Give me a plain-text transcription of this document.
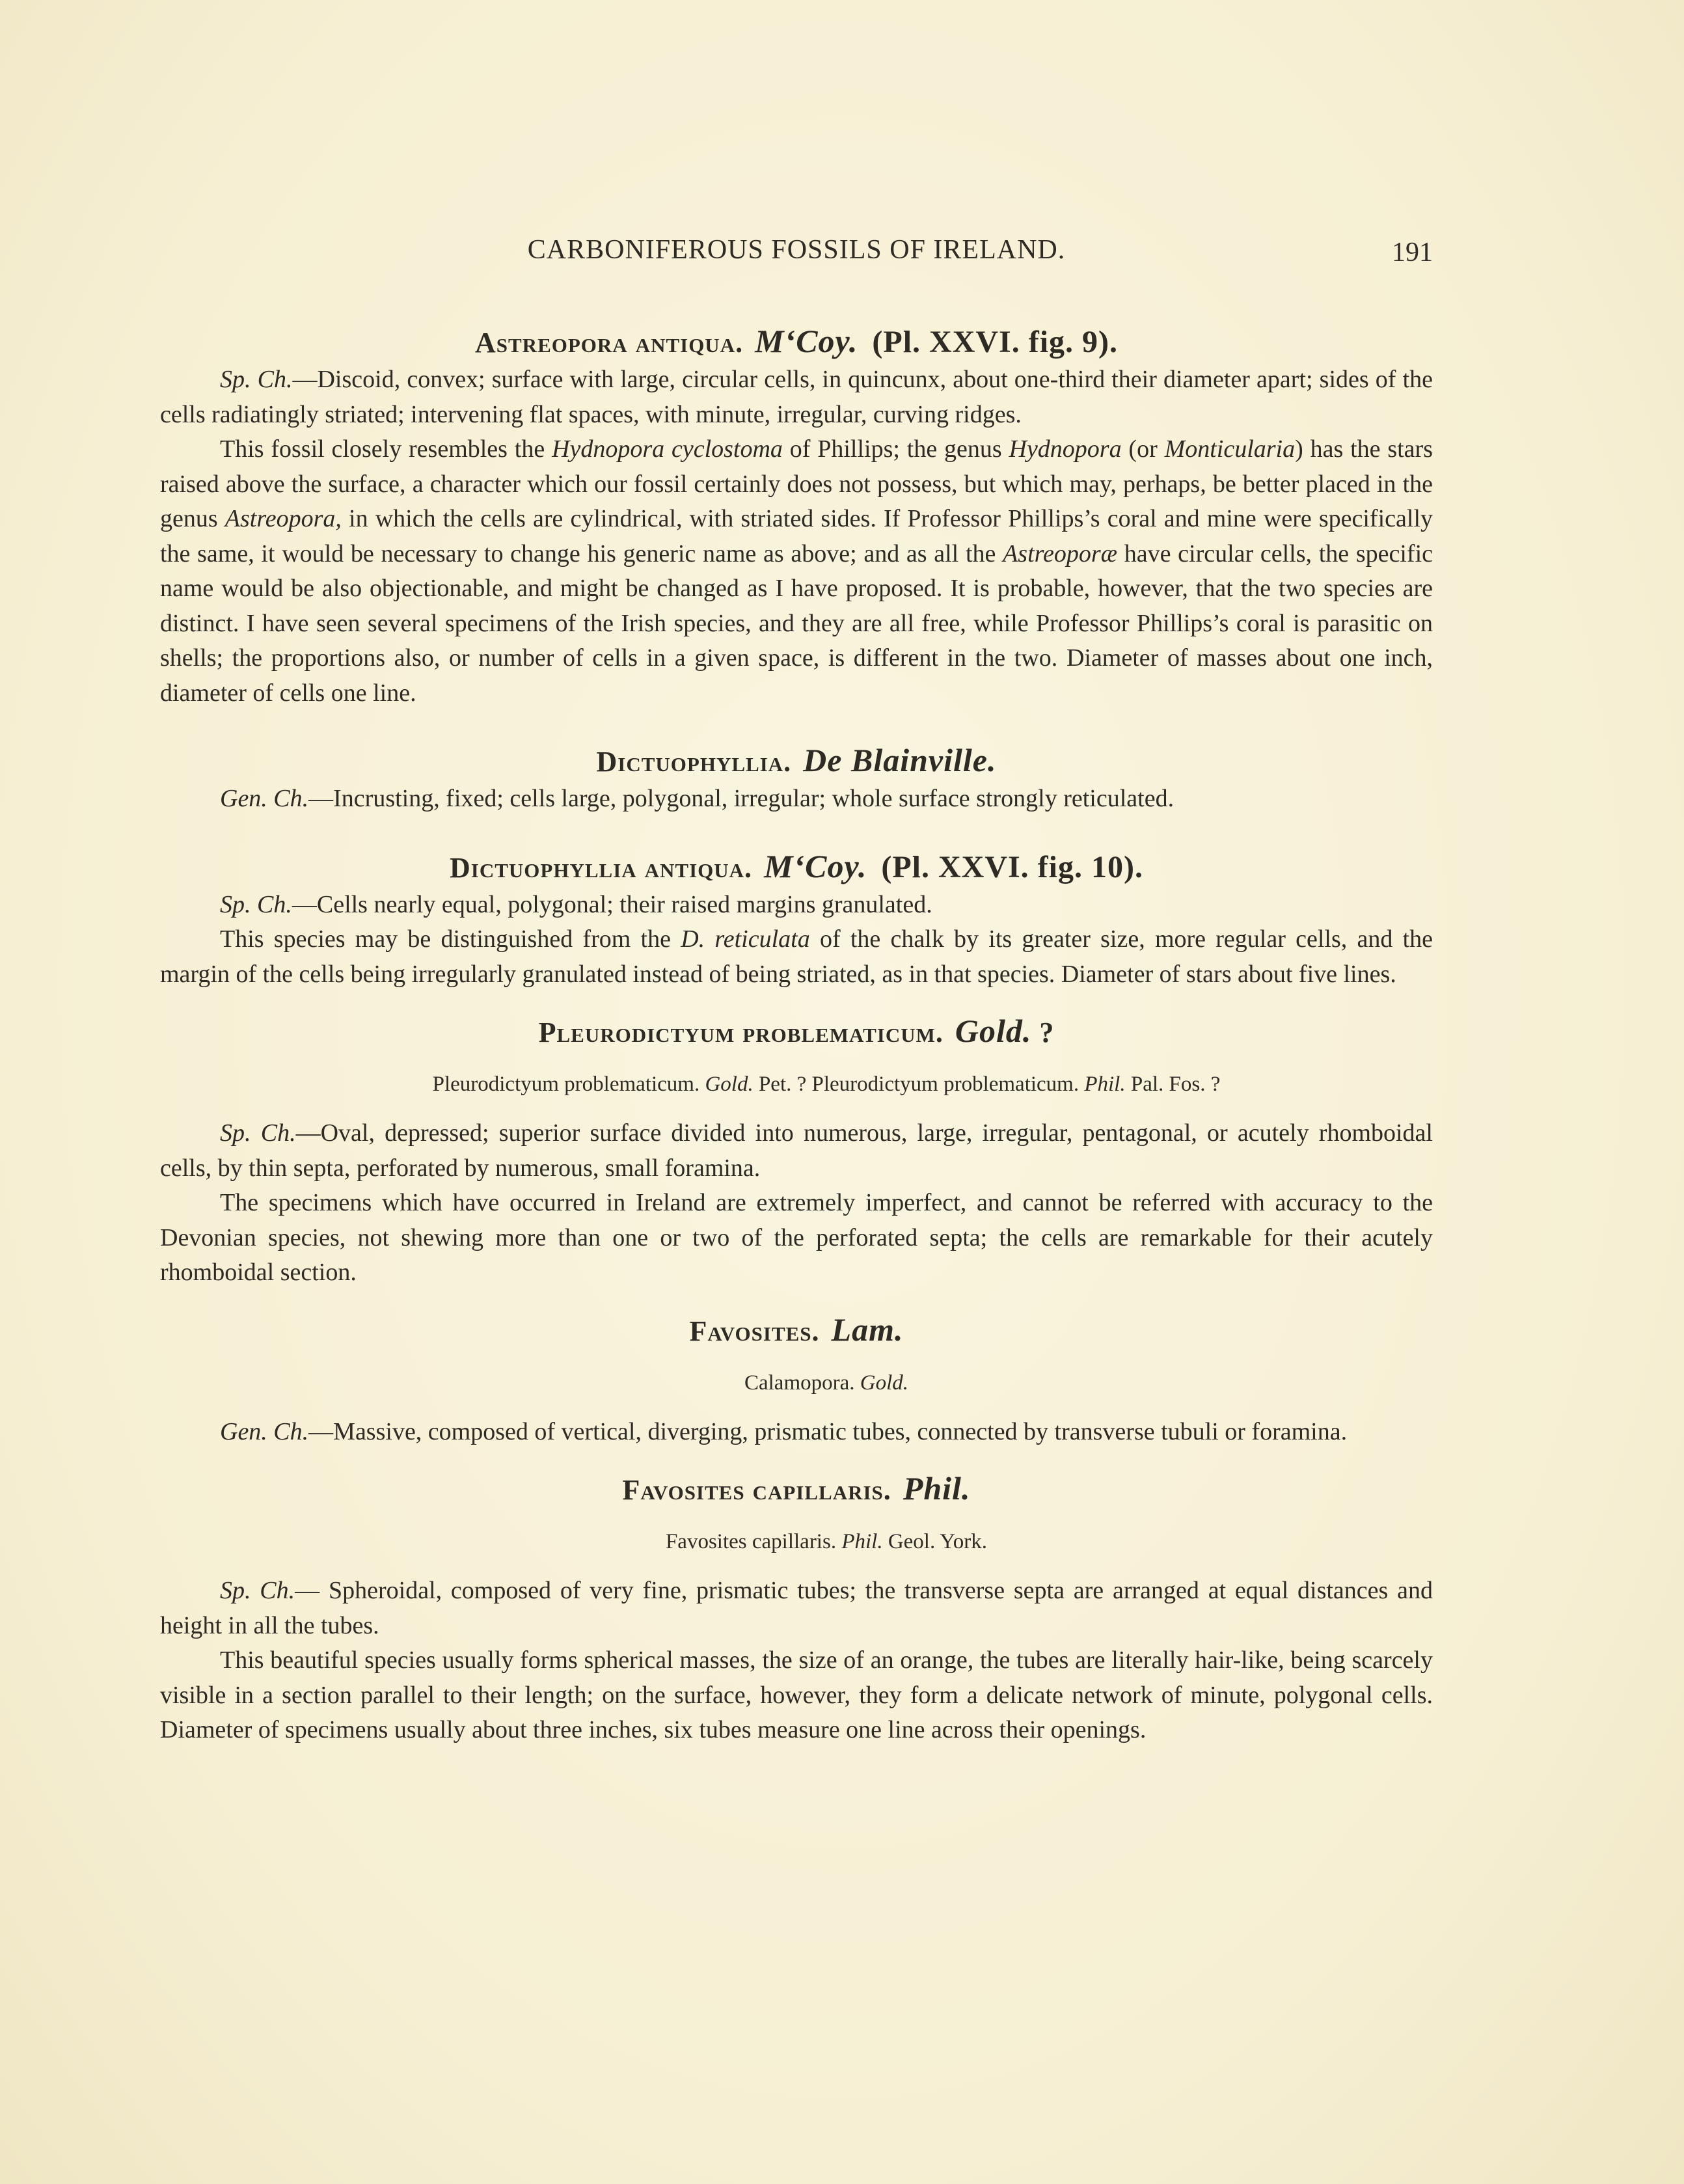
CARBONIFEROUS FOSSILS OF IRELAND.	191
Astreopora antiqua. M‘Coy. (Pl. XXVI. fig. 9).

Sp. Ch.—Discoid, convex; surface with large, circular cells, in quincunx, about one-third their diameter apart; sides of the cells radiatingly striated; intervening flat spaces, with minute, irregular, curving ridges.

This fossil closely resembles the Hydnopora cyclostoma of Phillips; the genus Hydnopora (or Monticularia) has the stars raised above the surface, a character which our fossil certainly does not possess, but which may, perhaps, be better placed in the genus Astreopora, in which the cells are cylindrical, with striated sides. If Professor Phillips’s coral and mine were specifically the same, it would be necessary to change his generic name as above; and as all the Astreoporæ have circular cells, the specific name would be also objectionable, and might be changed as I have proposed. It is probable, however, that the two species are distinct. I have seen several specimens of the Irish species, and they are all free, while Professor Phillips’s coral is parasitic on shells; the proportions also, or number of cells in a given space, is different in the two. Diameter of masses about one inch, diameter of cells one line.

Dictuophyllia. De Blainville.

Gen. Ch.—Incrusting, fixed; cells large, polygonal, irregular; whole surface strongly reticulated.

Dictuophyllia antiqua. M‘Coy. (Pl. XXVI. fig. 10).

Sp. Ch.—Cells nearly equal, polygonal; their raised margins granulated.

This species may be distinguished from the D. reticulata of the chalk by its greater size, more regular cells, and the margin of the cells being irregularly granulated instead of being striated, as in that species. Diameter of stars about five lines.

Pleurodictyum problematicum. Gold. ?

Pleurodictyum problematicum. Gold. Pet. ? Pleurodictyum problematicum. Phil. Pal. Fos. ?

Sp. Ch.—Oval, depressed; superior surface divided into numerous, large, irregular, pentagonal, or acutely rhomboidal cells, by thin septa, perforated by numerous, small foramina.

The specimens which have occurred in Ireland are extremely imperfect, and cannot be referred with accuracy to the Devonian species, not shewing more than one or two of the perforated septa; the cells are remarkable for their acutely rhomboidal section.

Favosites. Lam.

Calamopora. Gold.

Gen. Ch.—Massive, composed of vertical, diverging, prismatic tubes, connected by transverse tubuli or foramina.

Favosites capillaris. Phil.

Favosites capillaris. Phil. Geol. York.

Sp. Ch.— Spheroidal, composed of very fine, prismatic tubes; the transverse septa are arranged at equal distances and height in all the tubes.

This beautiful species usually forms spherical masses, the size of an orange, the tubes are literally hair-like, being scarcely visible in a section parallel to their length; on the surface, however, they form a delicate network of minute, polygonal cells. Diameter of specimens usually about three inches, six tubes measure one line across their openings.
